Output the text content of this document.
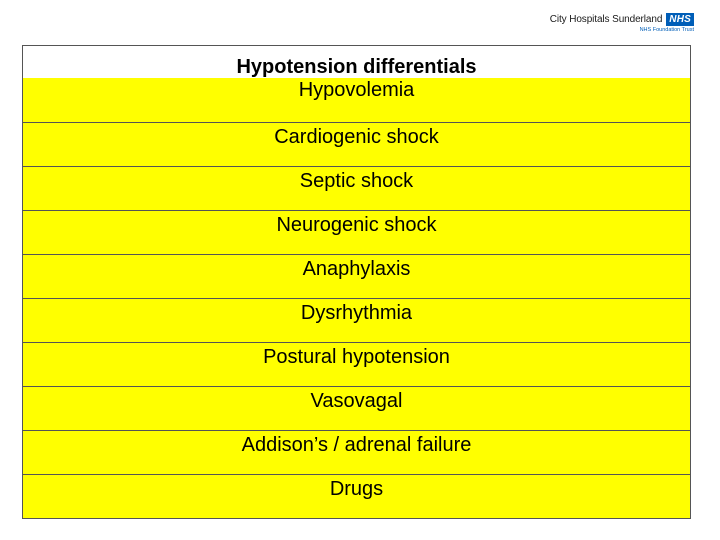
City Hospitals Sunderland NHS
NHS Foundation Trust
Hypotension differentials
Hypovolemia
Cardiogenic shock
Septic shock
Neurogenic shock
Anaphylaxis
Dysrhythmia
Postural hypotension
Vasovagal
Addison’s / adrenal failure
Drugs
